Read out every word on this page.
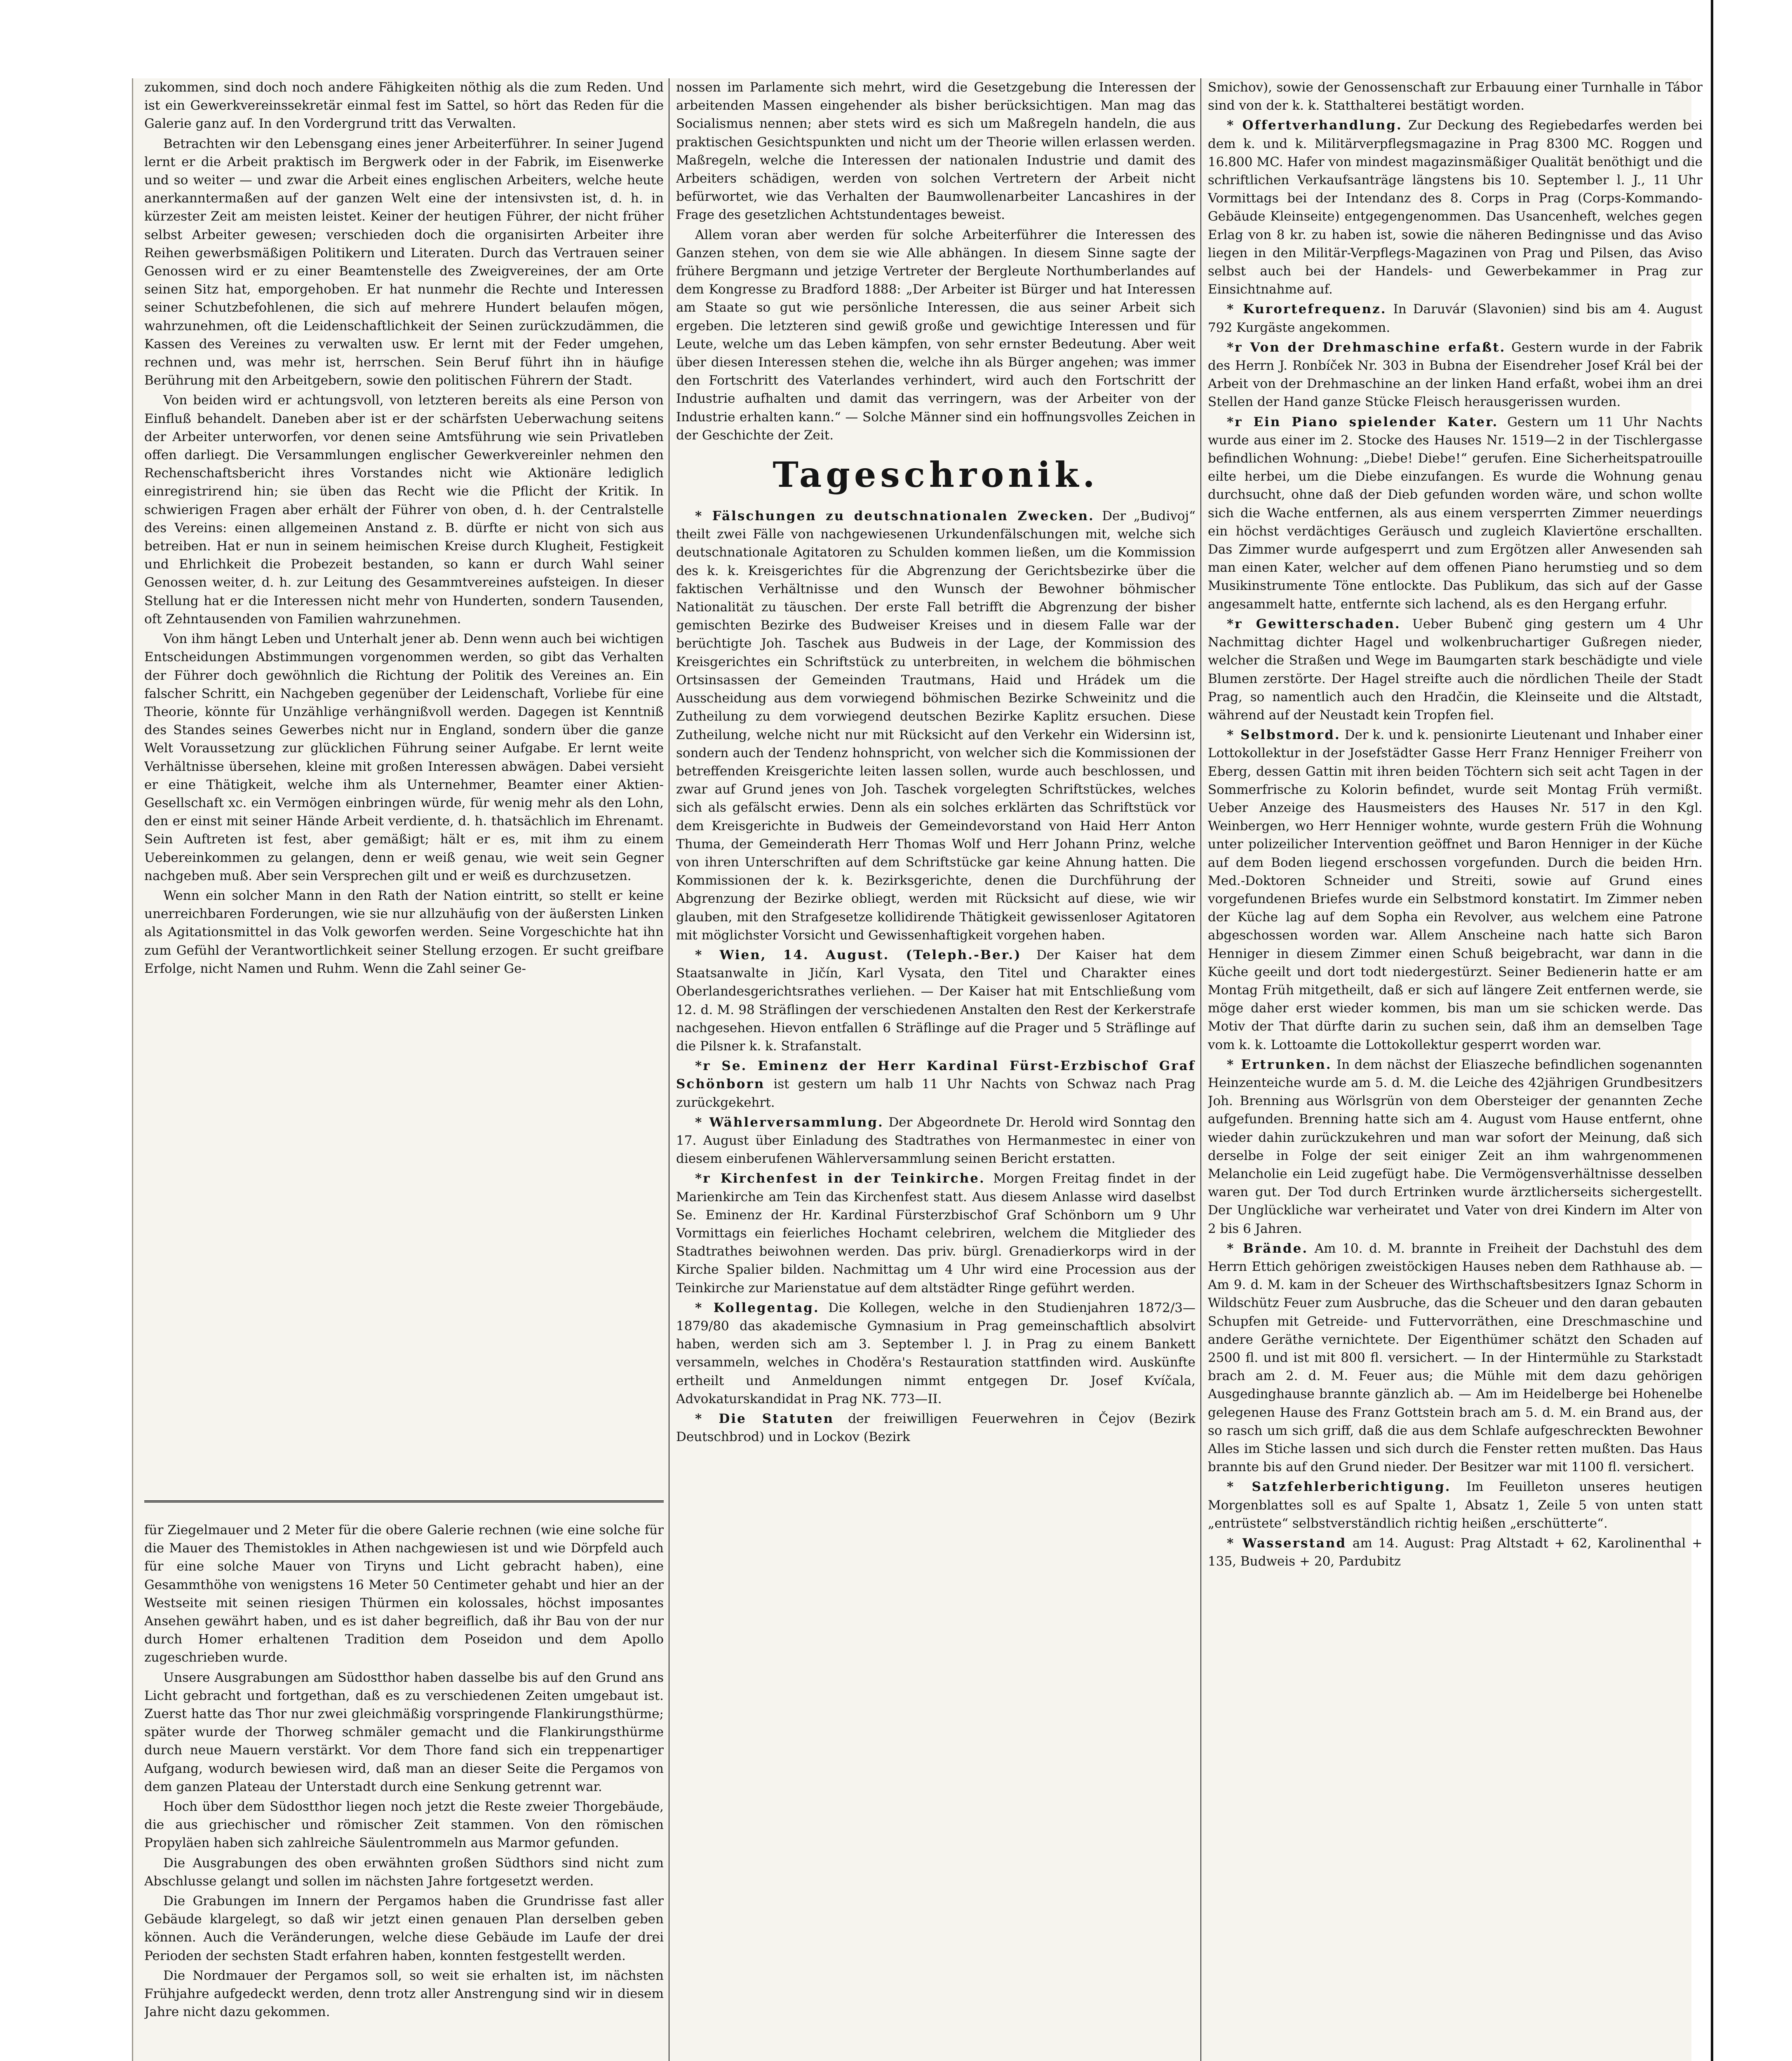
zukommen, sind doch noch andere Fähigkeiten nöthig als die zum Reden. Und ist ein Gewerkvereinssekretär einmal fest im Sattel, so hört das Reden für die Galerie ganz auf. In den Vordergrund tritt das Verwalten.

Betrachten wir den Lebensgang eines jener Arbeiterführer. In seiner Jugend lernt er die Arbeit praktisch im Bergwerk oder in der Fabrik, im Eisenwerke und so weiter — und zwar die Arbeit eines englischen Arbeiters, welche heute anerkanntermaßen auf der ganzen Welt eine der intensivsten ist, d. h. in kürzester Zeit am meisten leistet. Keiner der heutigen Führer, der nicht früher selbst Arbeiter gewesen; verschieden doch die organisirten Arbeiter ihre Reihen gewerbsmäßigen Politikern und Literaten. Durch das Vertrauen seiner Genossen wird er zu einer Beamtenstelle des Zweigvereines, der am Orte seinen Sitz hat, emporgehoben. Er hat nunmehr die Rechte und Interessen seiner Schutzbefohlenen, die sich auf mehrere Hundert belaufen mögen, wahrzunehmen, oft die Leidenschaftlichkeit der Seinen zurückzudämmen, die Kassen des Vereines zu verwalten usw. Er lernt mit der Feder umgehen, rechnen und, was mehr ist, herrschen. Sein Beruf führt ihn in häufige Berührung mit den Arbeitgebern, sowie den politischen Führern der Stadt.

Von beiden wird er achtungsvoll, von letzteren bereits als eine Person von Einfluß behandelt. Daneben aber ist er der schärfsten Ueberwachung seitens der Arbeiter unterworfen, vor denen seine Amtsführung wie sein Privatleben offen darliegt. Die Versammlungen englischer Gewerkvereinler nehmen den Rechenschaftsbericht ihres Vorstandes nicht wie Aktionäre lediglich einregistrirend hin; sie üben das Recht wie die Pflicht der Kritik. In schwierigen Fragen aber erhält der Führer von oben, d. h. der Centralstelle des Vereins: einen allgemeinen Anstand z. B. dürfte er nicht von sich aus betreiben. Hat er nun in seinem heimischen Kreise durch Klugheit, Festigkeit und Ehrlichkeit die Probezeit bestanden, so kann er durch Wahl seiner Genossen weiter, d. h. zur Leitung des Gesammtvereines aufsteigen. In dieser Stellung hat er die Interessen nicht mehr von Hunderten, sondern Tausenden, oft Zehntausenden von Familien wahrzunehmen.

Von ihm hängt Leben und Unterhalt jener ab. Denn wenn auch bei wichtigen Entscheidungen Abstimmungen vorgenommen werden, so gibt das Verhalten der Führer doch gewöhnlich die Richtung der Politik des Vereines an. Ein falscher Schritt, ein Nachgeben gegenüber der Leidenschaft, Vorliebe für eine Theorie, könnte für Unzählige verhängnißvoll werden. Dagegen ist Kenntniß des Standes seines Gewerbes nicht nur in England, sondern über die ganze Welt Voraussetzung zur glücklichen Führung seiner Aufgabe. Er lernt weite Verhältnisse übersehen, kleine mit großen Interessen abwägen. Dabei versieht er eine Thätigkeit, welche ihm als Unternehmer, Beamter einer Aktien-Gesellschaft xc. ein Vermögen einbringen würde, für wenig mehr als den Lohn, den er einst mit seiner Hände Arbeit verdiente, d. h. thatsächlich im Ehrenamt. Sein Auftreten ist fest, aber gemäßigt; hält er es, mit ihm zu einem Uebereinkommen zu gelangen, denn er weiß genau, wie weit sein Gegner nachgeben muß. Aber sein Versprechen gilt und er weiß es durchzusetzen.

Wenn ein solcher Mann in den Rath der Nation eintritt, so stellt er keine unerreichbaren Forderungen, wie sie nur allzuhäufig von der äußersten Linken als Agitationsmittel in das Volk geworfen werden. Seine Vorgeschichte hat ihn zum Gefühl der Verantwortlichkeit seiner Stellung erzogen. Er sucht greifbare Erfolge, nicht Namen und Ruhm. Wenn die Zahl seiner Ge-

für Ziegelmauer und 2 Meter für die obere Galerie rechnen (wie eine solche für die Mauer des Themistokles in Athen nachgewiesen ist und wie Dörpfeld auch für eine solche Mauer von Tiryns und Licht gebracht haben), eine Gesammthöhe von wenigstens 16 Meter 50 Centimeter gehabt und hier an der Westseite mit seinen riesigen Thürmen ein kolossales, höchst imposantes Ansehen gewährt haben, und es ist daher begreiflich, daß ihr Bau von der nur durch Homer erhaltenen Tradition dem Poseidon und dem Apollo zugeschrieben wurde.

Unsere Ausgrabungen am Südostthor haben dasselbe bis auf den Grund ans Licht gebracht und fortgethan, daß es zu verschiedenen Zeiten umgebaut ist. Zuerst hatte das Thor nur zwei gleichmäßig vorspringende Flankirungsthürme; später wurde der Thorweg schmäler gemacht und die Flankirungsthürme durch neue Mauern verstärkt. Vor dem Thore fand sich ein treppenartiger Aufgang, wodurch bewiesen wird, daß man an dieser Seite die Pergamos von dem ganzen Plateau der Unterstadt durch eine Senkung getrennt war.

Hoch über dem Südostthor liegen noch jetzt die Reste zweier Thorgebäude, die aus griechischer und römischer Zeit stammen. Von den römischen Propyläen haben sich zahlreiche Säulentrommeln aus Marmor gefunden.

Die Ausgrabungen des oben erwähnten großen Südthors sind nicht zum Abschlusse gelangt und sollen im nächsten Jahre fortgesetzt werden.

Die Grabungen im Innern der Pergamos haben die Grundrisse fast aller Gebäude klargelegt, so daß wir jetzt einen genauen Plan derselben geben können. Auch die Veränderungen, welche diese Gebäude im Laufe der drei Perioden der sechsten Stadt erfahren haben, konnten festgestellt werden.

Die Nordmauer der Pergamos soll, so weit sie erhalten ist, im nächsten Frühjahre aufgedeckt werden, denn trotz aller Anstrengung sind wir in diesem Jahre nicht dazu gekommen.

nossen im Parlamente sich mehrt, wird die Gesetzgebung die Interessen der arbeitenden Massen eingehender als bisher berücksichtigen. Man mag das Socialismus nennen; aber stets wird es sich um Maßregeln handeln, die aus praktischen Gesichtspunkten und nicht um der Theorie willen erlassen werden. Maßregeln, welche die Interessen der nationalen Industrie und damit des Arbeiters schädigen, werden von solchen Vertretern der Arbeit nicht befürwortet, wie das Verhalten der Baumwollenarbeiter Lancashires in der Frage des gesetzlichen Achtstundentages beweist.

Allem voran aber werden für solche Arbeiterführer die Interessen des Ganzen stehen, von dem sie wie Alle abhängen. In diesem Sinne sagte der frühere Bergmann und jetzige Vertreter der Bergleute Northumberlandes auf dem Kongresse zu Bradford 1888: „Der Arbeiter ist Bürger und hat Interessen am Staate so gut wie persönliche Interessen, die aus seiner Arbeit sich ergeben. Die letzteren sind gewiß große und gewichtige Interessen und für Leute, welche um das Leben kämpfen, von sehr ernster Bedeutung. Aber weit über diesen Interessen stehen die, welche ihn als Bürger angehen; was immer den Fortschritt des Vaterlandes verhindert, wird auch den Fortschritt der Industrie aufhalten und damit das verringern, was der Arbeiter von der Industrie erhalten kann.“ — Solche Männer sind ein hoffnungsvolles Zeichen in der Geschichte der Zeit.

Tageschronik.

* Fälschungen zu deutschnationalen Zwecken. Der „Budivoj“ theilt zwei Fälle von nachgewiesenen Urkundenfälschungen mit, welche sich deutschnationale Agitatoren zu Schulden kommen ließen, um die Kommission des k. k. Kreisgerichtes für die Abgrenzung der Gerichtsbezirke über die faktischen Verhältnisse und den Wunsch der Bewohner böhmischer Nationalität zu täuschen. Der erste Fall betrifft die Abgrenzung der bisher gemischten Bezirke des Budweiser Kreises und in diesem Falle war der berüchtigte Joh. Taschek aus Budweis in der Lage, der Kommission des Kreisgerichtes ein Schriftstück zu unterbreiten, in welchem die böhmischen Ortsinsassen der Gemeinden Trautmans, Haid und Hrádek um die Ausscheidung aus dem vorwiegend böhmischen Bezirke Schweinitz und die Zutheilung zu dem vorwiegend deutschen Bezirke Kaplitz ersuchen. Diese Zutheilung, welche nicht nur mit Rücksicht auf den Verkehr ein Widersinn ist, sondern auch der Tendenz hohnspricht, von welcher sich die Kommissionen der betreffenden Kreisgerichte leiten lassen sollen, wurde auch beschlossen, und zwar auf Grund jenes von Joh. Taschek vorgelegten Schriftstückes, welches sich als gefälscht erwies. Denn als ein solches erklärten das Schriftstück vor dem Kreisgerichte in Budweis der Gemeindevorstand von Haid Herr Anton Thuma, der Gemeinderath Herr Thomas Wolf und Herr Johann Prinz, welche von ihren Unterschriften auf dem Schriftstücke gar keine Ahnung hatten. Die Kommissionen der k. k. Bezirksgerichte, denen die Durchführung der Abgrenzung der Bezirke obliegt, werden mit Rücksicht auf diese, wie wir glauben, mit den Strafgesetze kollidirende Thätigkeit gewissenloser Agitatoren mit möglichster Vorsicht und Gewissenhaftigkeit vorgehen haben.

* Wien, 14. August. (Teleph.-Ber.) Der Kaiser hat dem Staatsanwalte in Jičín, Karl Vysata, den Titel und Charakter eines Oberlandesgerichtsrathes verliehen. — Der Kaiser hat mit Entschließung vom 12. d. M. 98 Sträflingen der verschiedenen Anstalten den Rest der Kerkerstrafe nachgesehen. Hievon entfallen 6 Sträflinge auf die Prager und 5 Sträflinge auf die Pilsner k. k. Strafanstalt.

*r Se. Eminenz der Herr Kardinal Fürst-Erzbischof Graf Schönborn ist gestern um halb 11 Uhr Nachts von Schwaz nach Prag zurückgekehrt.

* Wählerversammlung. Der Abgeordnete Dr. Herold wird Sonntag den 17. August über Einladung des Stadtrathes von Hermanmestec in einer von diesem einberufenen Wählerversammlung seinen Bericht erstatten.

*r Kirchenfest in der Teinkirche. Morgen Freitag findet in der Marienkirche am Tein das Kirchenfest statt. Aus diesem Anlasse wird daselbst Se. Eminenz der Hr. Kardinal Fürsterzbischof Graf Schönborn um 9 Uhr Vormittags ein feierliches Hochamt celebriren, welchem die Mitglieder des Stadtrathes beiwohnen werden. Das priv. bürgl. Grenadierkorps wird in der Kirche Spalier bilden. Nachmittag um 4 Uhr wird eine Procession aus der Teinkirche zur Marienstatue auf dem altstädter Ringe geführt werden.

* Kollegentag. Die Kollegen, welche in den Studienjahren 1872/3—1879/80 das akademische Gymnasium in Prag gemeinschaftlich absolvirt haben, werden sich am 3. September l. J. in Prag zu einem Bankett versammeln, welches in Choděra's Restauration stattfinden wird. Auskünfte ertheilt und Anmeldungen nimmt entgegen Dr. Josef Kvíčala, Advokaturskandidat in Prag NK. 773—II.

* Die Statuten der freiwilligen Feuerwehren in Čejov (Bezirk Deutschbrod) und in Lockov (Bezirk

Smichov), sowie der Genossenschaft zur Erbauung einer Turnhalle in Tábor sind von der k. k. Statthalterei bestätigt worden.

* Offertverhandlung. Zur Deckung des Regiebedarfes werden bei dem k. und k. Militärverpflegsmagazine in Prag 8300 MC. Roggen und 16.800 MC. Hafer von mindest magazinsmäßiger Qualität benöthigt und die schriftlichen Verkaufsanträge längstens bis 10. September l. J., 11 Uhr Vormittags bei der Intendanz des 8. Corps in Prag (Corps-Kommando-Gebäude Kleinseite) entgegengenommen. Das Usancenheft, welches gegen Erlag von 8 kr. zu haben ist, sowie die näheren Bedingnisse und das Aviso liegen in den Militär-Verpflegs-Magazinen von Prag und Pilsen, das Aviso selbst auch bei der Handels- und Gewerbekammer in Prag zur Einsichtnahme auf.

* Kurortefrequenz. In Daruvár (Slavonien) sind bis am 4. August 792 Kurgäste angekommen.

*r Von der Drehmaschine erfaßt. Gestern wurde in der Fabrik des Herrn J. Ronbíček Nr. 303 in Bubna der Eisendreher Josef Král bei der Arbeit von der Drehmaschine an der linken Hand erfaßt, wobei ihm an drei Stellen der Hand ganze Stücke Fleisch herausgerissen wurden.

*r Ein Piano spielender Kater. Gestern um 11 Uhr Nachts wurde aus einer im 2. Stocke des Hauses Nr. 1519—2 in der Tischlergasse befindlichen Wohnung: „Diebe! Diebe!“ gerufen. Eine Sicherheitspatrouille eilte herbei, um die Diebe einzufangen. Es wurde die Wohnung genau durchsucht, ohne daß der Dieb gefunden worden wäre, und schon wollte sich die Wache entfernen, als aus einem versperrten Zimmer neuerdings ein höchst verdächtiges Geräusch und zugleich Klaviertöne erschallten. Das Zimmer wurde aufgesperrt und zum Ergötzen aller Anwesenden sah man einen Kater, welcher auf dem offenen Piano herumstieg und so dem Musikinstrumente Töne entlockte. Das Publikum, das sich auf der Gasse angesammelt hatte, entfernte sich lachend, als es den Hergang erfuhr.

*r Gewitterschaden. Ueber Bubenč ging gestern um 4 Uhr Nachmittag dichter Hagel und wolkenbruchartiger Gußregen nieder, welcher die Straßen und Wege im Baumgarten stark beschädigte und viele Blumen zerstörte. Der Hagel streifte auch die nördlichen Theile der Stadt Prag, so namentlich auch den Hradčin, die Kleinseite und die Altstadt, während auf der Neustadt kein Tropfen fiel.

* Selbstmord. Der k. und k. pensionirte Lieutenant und Inhaber einer Lottokollektur in der Josefstädter Gasse Herr Franz Henniger Freiherr von Eberg, dessen Gattin mit ihren beiden Töchtern sich seit acht Tagen in der Sommerfrische zu Kolorin befindet, wurde seit Montag Früh vermißt. Ueber Anzeige des Hausmeisters des Hauses Nr. 517 in den Kgl. Weinbergen, wo Herr Henniger wohnte, wurde gestern Früh die Wohnung unter polizeilicher Intervention geöffnet und Baron Henniger in der Küche auf dem Boden liegend erschossen vorgefunden. Durch die beiden Hrn. Med.-Doktoren Schneider und Streiti, sowie auf Grund eines vorgefundenen Briefes wurde ein Selbstmord konstatirt. Im Zimmer neben der Küche lag auf dem Sopha ein Revolver, aus welchem eine Patrone abgeschossen worden war. Allem Anscheine nach hatte sich Baron Henniger in diesem Zimmer einen Schuß beigebracht, war dann in die Küche geeilt und dort todt niedergestürzt. Seiner Bedienerin hatte er am Montag Früh mitgetheilt, daß er sich auf längere Zeit entfernen werde, sie möge daher erst wieder kommen, bis man um sie schicken werde. Das Motiv der That dürfte darin zu suchen sein, daß ihm an demselben Tage vom k. k. Lottoamte die Lottokollektur gesperrt worden war.

* Ertrunken. In dem nächst der Eliaszeche befindlichen sogenannten Heinzenteiche wurde am 5. d. M. die Leiche des 42jährigen Grundbesitzers Joh. Brenning aus Wörlsgrün von dem Obersteiger der genannten Zeche aufgefunden. Brenning hatte sich am 4. August vom Hause entfernt, ohne wieder dahin zurückzukehren und man war sofort der Meinung, daß sich derselbe in Folge der seit einiger Zeit an ihm wahrgenommenen Melancholie ein Leid zugefügt habe. Die Vermögensverhältnisse desselben waren gut. Der Tod durch Ertrinken wurde ärztlicherseits sichergestellt. Der Unglückliche war verheiratet und Vater von drei Kindern im Alter von 2 bis 6 Jahren.

* Brände. Am 10. d. M. brannte in Freiheit der Dachstuhl des dem Herrn Ettich gehörigen zweistöckigen Hauses neben dem Rathhause ab. — Am 9. d. M. kam in der Scheuer des Wirthschaftsbesitzers Ignaz Schorm in Wildschütz Feuer zum Ausbruche, das die Scheuer und den daran gebauten Schupfen mit Getreide- und Futtervorräthen, eine Dreschmaschine und andere Geräthe vernichtete. Der Eigenthümer schätzt den Schaden auf 2500 fl. und ist mit 800 fl. versichert. — In der Hintermühle zu Starkstadt brach am 2. d. M. Feuer aus; die Mühle mit dem dazu gehörigen Ausgedinghause brannte gänzlich ab. — Am im Heidelberge bei Hohenelbe gelegenen Hause des Franz Gottstein brach am 5. d. M. ein Brand aus, der so rasch um sich griff, daß die aus dem Schlafe aufgeschreckten Bewohner Alles im Stiche lassen und sich durch die Fenster retten mußten. Das Haus brannte bis auf den Grund nieder. Der Besitzer war mit 1100 fl. versichert.

* Satzfehlerberichtigung. Im Feuilleton unseres heutigen Morgenblattes soll es auf Spalte 1, Absatz 1, Zeile 5 von unten statt „entrüstete“ selbstverständlich richtig heißen „erschütterte“.

* Wasserstand am 14. August: Prag Altstadt + 62, Karolinenthal + 135, Budweis + 20, Pardubitz
